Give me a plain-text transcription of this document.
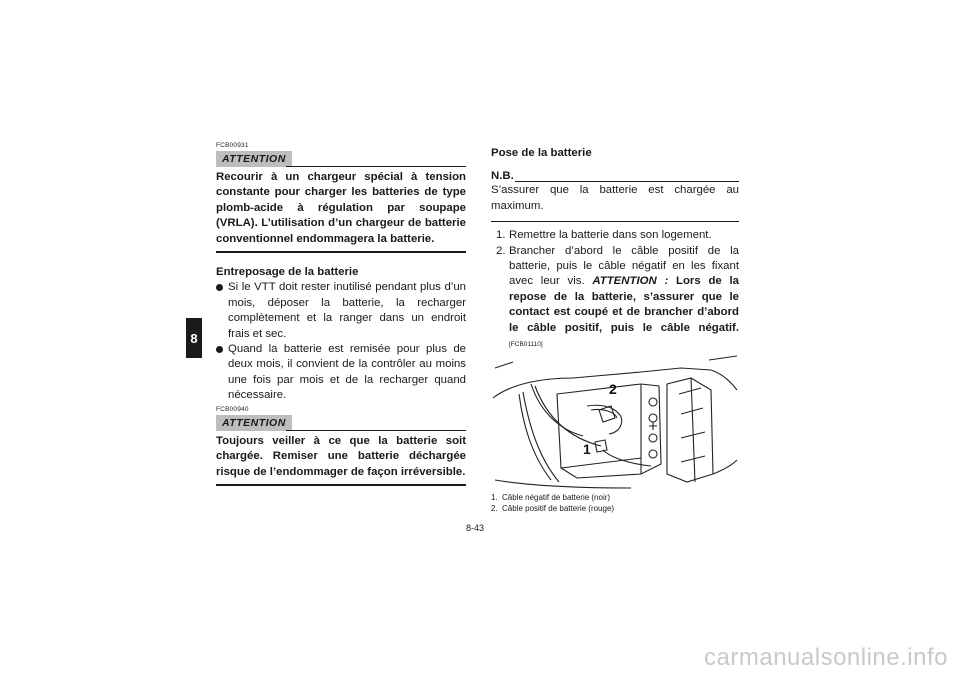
8
FCB00931
ATTENTION
Recourir à un chargeur spécial à tension constante pour charger les batteries de type plomb-acide à régulation par soupape (VRLA). L’utilisation d’un chargeur de batterie conventionnel endommagera la batterie.
Entreposage de la batterie
Si le VTT doit rester inutilisé pendant plus d’un mois, déposer la batterie, la recharger complètement et la ranger dans un endroit frais et sec.
Quand la batterie est remisée pour plus de deux mois, il convient de la contrôler au moins une fois par mois et de la recharger quand nécessaire.
FCB00940
ATTENTION
Toujours veiller à ce que la batterie soit chargée. Remiser une batterie déchargée risque de l’endommager de façon irréversible.
Pose de la batterie
N.B.
S’assurer que la batterie est chargée au maximum.
1. Remettre la batterie dans son logement.
2. Brancher d’abord le câble positif de la batterie, puis le câble négatif en les fixant avec leur vis. ATTENTION : Lors de la repose de la batterie, s’assurer que le contact est coupé et de brancher d’abord le câble positif, puis le câble négatif. [FCB01110]
2
1
1. Câble négatif de batterie (noir)
2. Câble positif de batterie (rouge)
8-43
carmanualsonline.info
